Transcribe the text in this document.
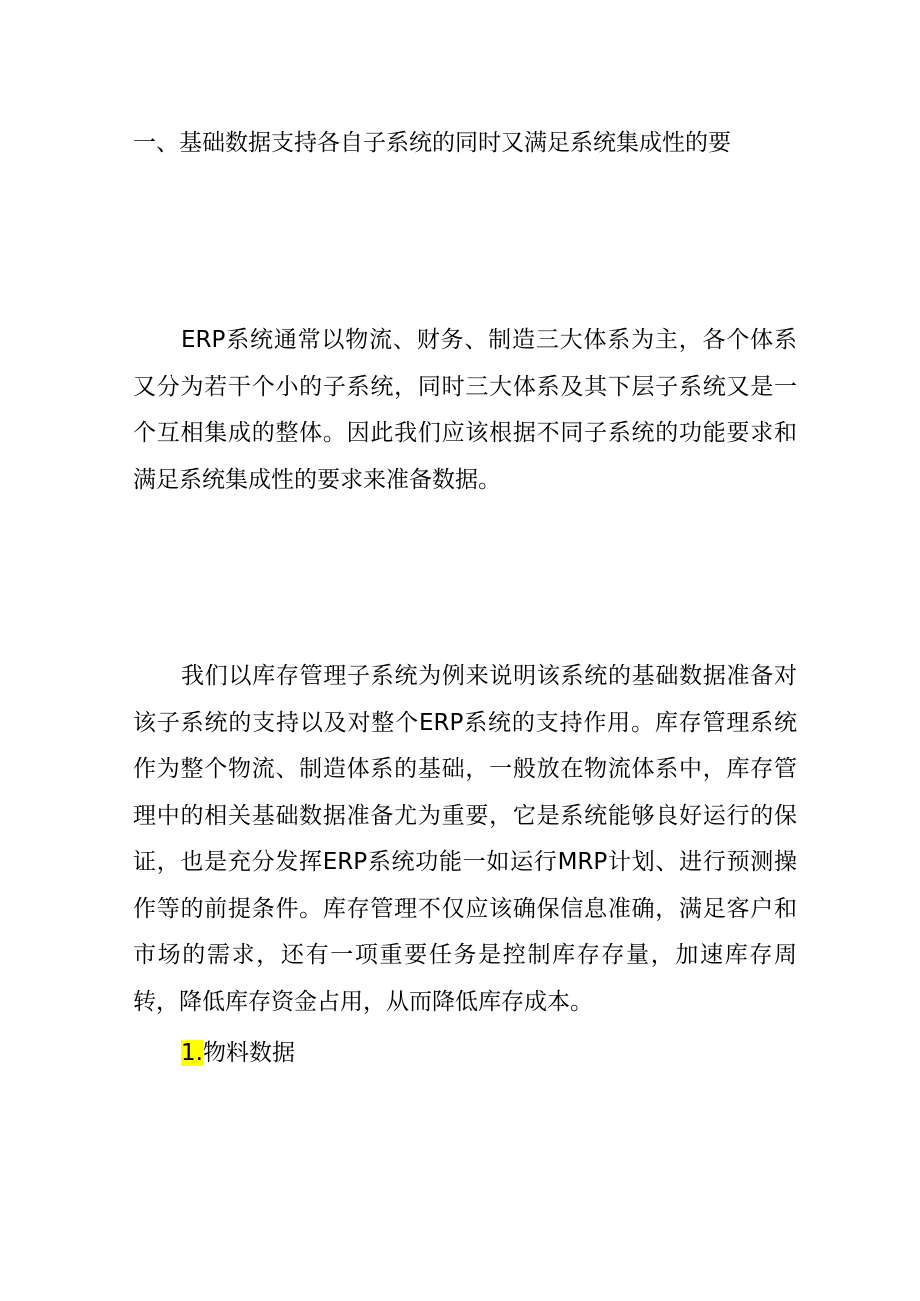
一、基础数据支持各自子系统的同时又满足系统集成性的要

ERP系统通常以物流、财务、制造三大体系为主，各个体系又分为若干个小的子系统，同时三大体系及其下层子系统又是一个互相集成的整体。因此我们应该根据不同子系统的功能要求和满足系统集成性的要求来准备数据。

我们以库存管理子系统为例来说明该系统的基础数据准备对该子系统的支持以及对整个ERP系统的支持作用。库存管理系统作为整个物流、制造体系的基础，一般放在物流体系中，库存管理中的相关基础数据准备尤为重要，它是系统能够良好运行的保证，也是充分发挥ERP系统功能一如运行MRP计划、进行预测操作等的前提条件。库存管理不仅应该确保信息准确，满足客户和市场的需求，还有一项重要任务是控制库存存量，加速库存周转，降低库存资金占用，从而降低库存成本。

1.物料数据
